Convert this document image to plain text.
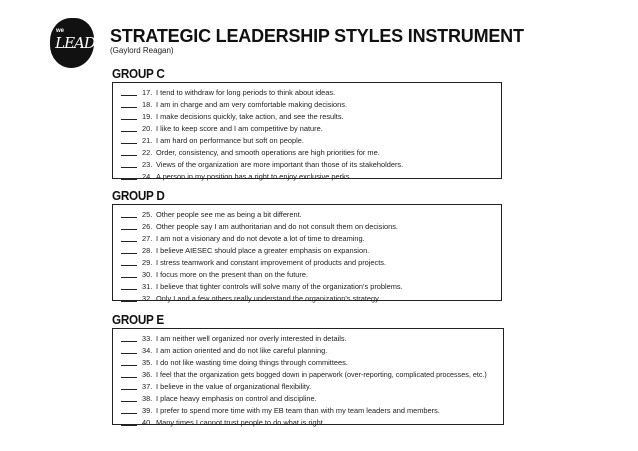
we
LEAD STRATEGIC LEADERSHIP STYLES INSTRUMENT
(Gaylord Reagan)
GROUP C
17. I tend to withdraw for long periods to think about ideas.
18. I am in charge and am very comfortable making decisions.
19. I make decisions quickly, take action, and see the results.
20. I like to keep score and I am competitive by nature.
21. I am hard on performance but soft on people.
22. Order, consistency, and smooth operations are high priorities for me.
23. Views of the organization are more important than those of its stakeholders.
24. A person in my position has a right to enjoy exclusive perks.
GROUP D
25. Other people see me as being a bit different.
26. Other people say I am authoritarian and do not consult them on decisions.
27. I am not a visionary and do not devote a lot of time to dreaming.
28. I believe AIESEC should place a greater emphasis on expansion.
29. I stress teamwork and constant improvement of products and projects.
30. I focus more on the present than on the future.
31. I believe that tighter controls will solve many of the organization's problems.
32. Only I and a few others really understand the organization's strategy.
GROUP E
33. I am neither well organized nor overly interested in details.
34. I am action oriented and do not like careful planning.
35. I do not like wasting time doing things through committees.
36. I feel that the organization gets bogged down in paperwork (over-reporting, complicated processes, etc.)
37. I believe in the value of organizational flexibility.
38. I place heavy emphasis on control and discipline.
39. I prefer to spend more time with my EB team than with my team leaders and members.
40. Many times I cannot trust people to do what is right.
